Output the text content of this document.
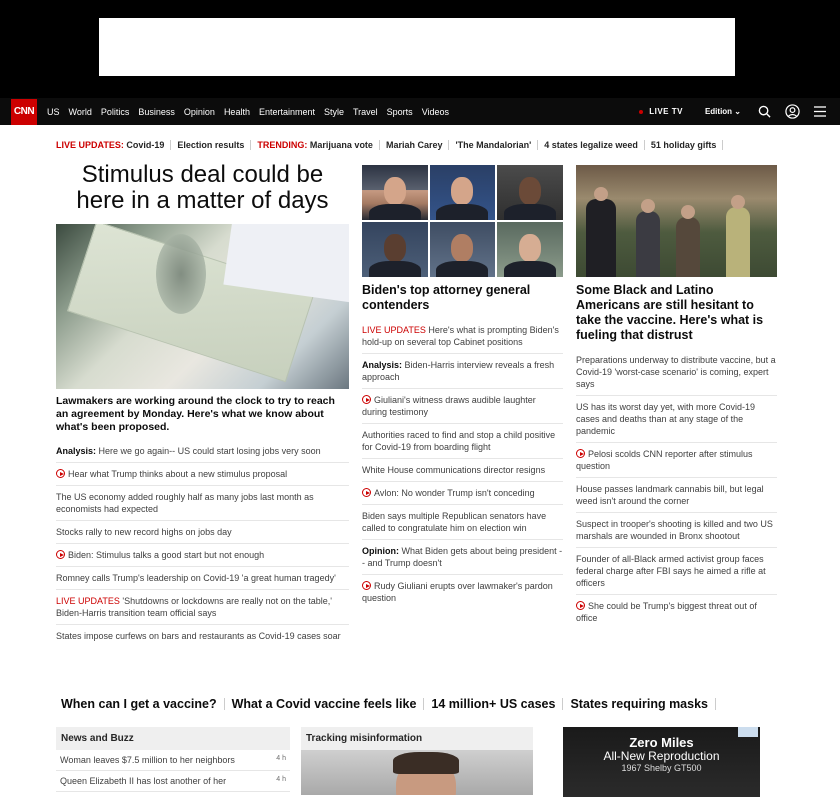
CNN	US World Politics Business Opinion Health Entertainment Style Travel Sports Videos	LIVE TV	Edition ⌄
LIVE UPDATES:
Covid-19 Election results TRENDING:
Marijuana vote Mariah Carey 'The Mandalorian' 4 states legalize weed 51 holiday gifts
Stimulus deal could be here in a matter of days
Lawmakers are working around the clock to try to reach an agreement by Monday. Here's what we know about what's been proposed.
Analysis: Here we go again-- US could start losing jobs very soon
Hear what Trump thinks about a new stimulus proposal
The US economy added roughly half as many jobs last month as economists had expected
Stocks rally to new record highs on jobs day
Biden: Stimulus talks a good start but not enough
Romney calls Trump's leadership on Covid-19 'a great human tragedy'
LIVE UPDATES 'Shutdowns or lockdowns are really not on the table,' Biden-Harris transition team official says
States impose curfews on bars and restaurants as Covid-19 cases soar
Biden's top attorney general contenders
LIVE UPDATES Here's what is prompting Biden's hold-up on several top Cabinet positions
Analysis: Biden-Harris interview reveals a fresh approach
Giuliani's witness draws audible laughter during testimony
Authorities raced to find and stop a child positive for Covid-19 from boarding flight
White House communications director resigns
Avlon: No wonder Trump isn't conceding
Biden says multiple Republican senators have called to congratulate him on election win
Opinion: What Biden gets about being president -- and Trump doesn't
Rudy Giuliani erupts over lawmaker's pardon question
Some Black and Latino Americans are still hesitant to take the vaccine. Here's what is fueling that distrust
Preparations underway to distribute vaccine, but a Covid-19 'worst-case scenario' is coming, expert says
US has its worst day yet, with more Covid-19 cases and deaths than at any stage of the pandemic
Pelosi scolds CNN reporter after stimulus question
House passes landmark cannabis bill, but legal weed isn't around the corner
Suspect in trooper's shooting is killed and two US marshals are wounded in Bronx shootout
Founder of all-Black armed activist group faces federal charge after FBI says he aimed a rifle at officers
She could be Trump's biggest threat out of office
When can I get a vaccine? What a Covid vaccine feels like 14 million+ US cases States requiring masks
News and Buzz
Woman leaves $7.5 million to her neighbors	4 h
Queen Elizabeth II has lost another of her	4 h
Tracking misinformation	Zero Miles
All-New Reproduction
1967 Shelby GT500
